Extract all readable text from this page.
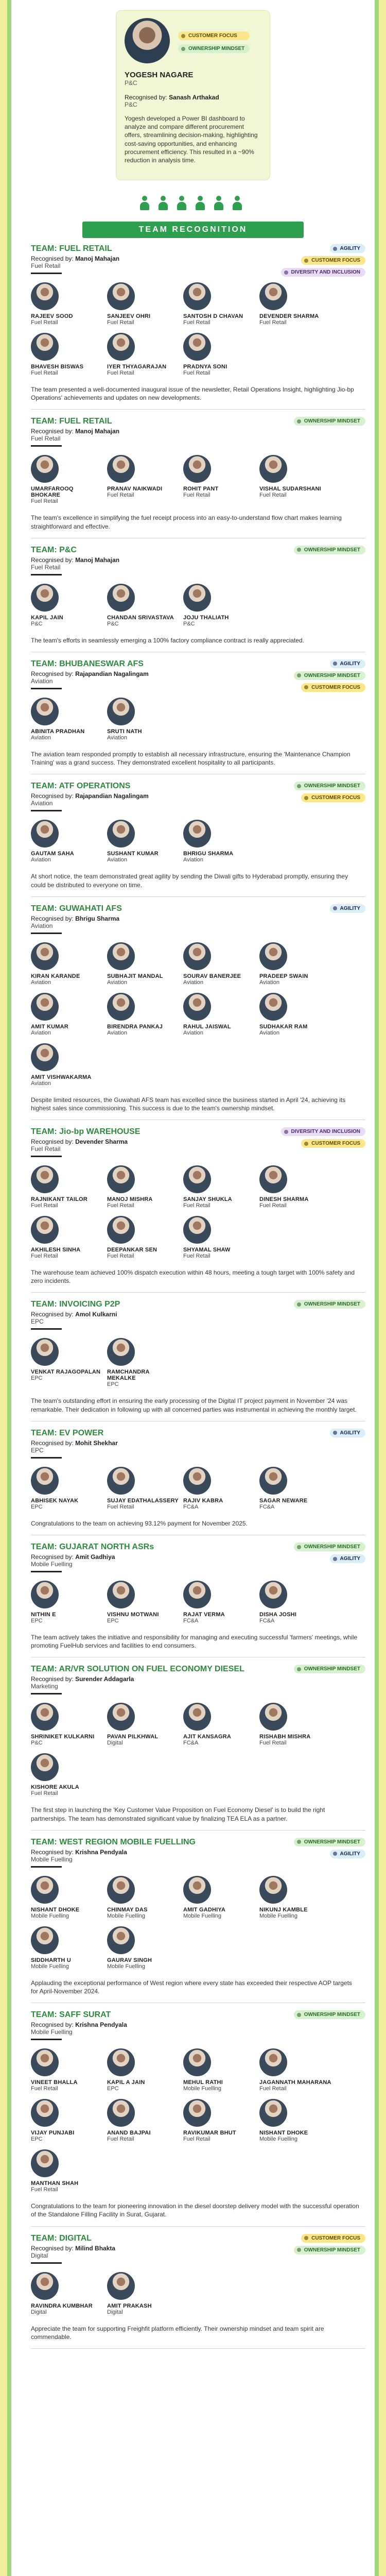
CUSTOMER FOCUS
OWNERSHIP MINDSET
YOGESH NAGARE
P&C
Recognised by: Sanash Arthakad
P&C
Yogesh developed a Power BI dashboard to analyze and compare different procurement offers, streamlining decision-making, highlighting cost-saving opportunities, and enhancing procurement efficiency. This resulted in a ~90% reduction in analysis time.
TEAM RECOGNITION
TEAM: FUEL RETAIL
Recognised by: Manoj Mahajan
Fuel Retail
AGILITY
CUSTOMER FOCUS
DIVERSITY AND INCLUSION
RAJEEV SOOD
Fuel Retail
SANJEEV OHRI
Fuel Retail
SANTOSH D CHAVAN
Fuel Retail
DEVENDER SHARMA
Fuel Retail
BHAVESH BISWAS
Fuel Retail
IYER THYAGARAJAN
Fuel Retail
PRADNYA SONI
Fuel Retail
The team presented a well-documented inaugural issue of the newsletter, Retail Operations Insight, highlighting Jio-bp Operations' achievements and updates on new developments.
TEAM: FUEL RETAIL
Recognised by: Manoj Mahajan
Fuel Retail
OWNERSHIP MINDSET
UMARFAROOQ BHOKARE
Fuel Retail
PRANAV NAIKWADI
Fuel Retail
ROHIT PANT
Fuel Retail
VISHAL SUDARSHANI
Fuel Retail
The team's excellence in simplifying the fuel receipt process into an easy-to-understand flow chart makes learning straightforward and effective.
TEAM: P&C
Recognised by: Manoj Mahajan
Fuel Retail
OWNERSHIP MINDSET
KAPIL JAIN
P&C
CHANDAN SRIVASTAVA
P&C
JOJU THALIATH
P&C
The team's efforts in seamlessly emerging a 100% factory compliance contract is really appreciated.
TEAM: BHUBANESWAR AFS
Recognised by: Rajapandian Nagalingam
Aviation
AGILITY
OWNERSHIP MINDSET
CUSTOMER FOCUS
ABINITA PRADHAN
Aviation
SRUTI NATH
Aviation
The aviation team responded promptly to establish all necessary infrastructure, ensuring the 'Maintenance Champion Training' was a grand success. They demonstrated excellent hospitality to all participants.
TEAM: ATF OPERATIONS
Recognised by: Rajapandian Nagalingam
Aviation
OWNERSHIP MINDSET
CUSTOMER FOCUS
GAUTAM SAHA
Aviation
SUSHANT KUMAR
Aviation
BHRIGU SHARMA
Aviation
At short notice, the team demonstrated great agility by sending the Diwali gifts to Hyderabad promptly, ensuring they could be distributed to everyone on time.
TEAM: GUWAHATI AFS
Recognised by: Bhrigu Sharma
Aviation
AGILITY
KIRAN KARANDE
Aviation
SUBHAJIT MANDAL
Aviation
SOURAV BANERJEE
Aviation
PRADEEP SWAIN
Aviation
AMIT KUMAR
Aviation
BIRENDRA PANKAJ
Aviation
RAHUL JAISWAL
Aviation
SUDHAKAR RAM
Aviation
AMIT VISHWAKARMA
Aviation
Despite limited resources, the Guwahati AFS team has excelled since the business started in April '24, achieving its highest sales since commissioning. This success is due to the team's ownership mindset.
TEAM: Jio-bp WAREHOUSE
Recognised by: Devender Sharma
Fuel Retail
DIVERSITY AND INCLUSION
CUSTOMER FOCUS
RAJNIKANT TAILOR
Fuel Retail
MANOJ MISHRA
Fuel Retail
SANJAY SHUKLA
Fuel Retail
DINESH SHARMA
Fuel Retail
AKHILESH SINHA
Fuel Retail
DEEPANKAR SEN
Fuel Retail
SHYAMAL SHAW
Fuel Retail
The warehouse team achieved 100% dispatch execution within 48 hours, meeting a tough target with 100% safety and zero incidents.
TEAM: INVOICING P2P
Recognised by: Amol Kulkarni
EPC
OWNERSHIP MINDSET
VENKAT RAJAGOPALAN
EPC
RAMCHANDRA MEKALKE
EPC
The team's outstanding effort in ensuring the early processing of the Digital IT project payment in November '24 was remarkable. Their dedication in following up with all concerned parties was instrumental in achieving the monthly target.
TEAM: EV POWER
Recognised by: Mohit Shekhar
EPC
AGILITY
ABHISEK NAYAK
EPC
SUJAY EDATHALASSERY
Fuel Retail
RAJIV KABRA
FC&A
SAGAR NEWARE
FC&A
Congratulations to the team on achieving 93.12% payment for November 2025.
TEAM: GUJARAT NORTH ASRs
Recognised by: Amit Gadhiya
Mobile Fuelling
OWNERSHIP MINDSET
AGILITY
NITHIN E
EPC
VISHNU MOTWANI
EPC
RAJAT VERMA
FC&A
DISHA JOSHI
FC&A
The team actively takes the initiative and responsibility for managing and executing successful 'farmers' meetings, while promoting FuelHub services and facilities to end consumers.
TEAM: AR/VR SOLUTION ON FUEL ECONOMY DIESEL
Recognised by: Surender Addagarla
Marketing
OWNERSHIP MINDSET
SHRINIKET KULKARNI
P&C
PAVAN PILKHWAL
Digital
AJIT KANSAGRA
FC&A
RISHABH MISHRA
Fuel Retail
KISHORE AKULA
Fuel Retail
The first step in launching the 'Key Customer Value Proposition on Fuel Economy Diesel' is to build the right partnerships. The team has demonstrated significant value by finalizing TEA ELA as a partner.
TEAM: WEST REGION MOBILE FUELLING
Recognised by: Krishna Pendyala
Mobile Fuelling
OWNERSHIP MINDSET
AGILITY
NISHANT DHOKE
Mobile Fuelling
CHINMAY DAS
Mobile Fuelling
AMIT GADHIYA
Mobile Fuelling
NIKUNJ KAMBLE
Mobile Fuelling
SIDDHARTH U
Mobile Fuelling
GAURAV SINGH
Mobile Fuelling
Applauding the exceptional performance of West region where every state has exceeded their respective AOP targets for April-November 2024.
TEAM: SAFF SURAT
Recognised by: Krishna Pendyala
Mobile Fuelling
OWNERSHIP MINDSET
VINEET BHALLA
Fuel Retail
KAPIL A JAIN
EPC
MEHUL RATHI
Mobile Fuelling
JAGANNATH MAHARANA
Fuel Retail
VIJAY PUNJABI
EPC
ANAND BAJPAI
Fuel Retail
RAVIKUMAR BHUT
Fuel Retail
NISHANT DHOKE
Mobile Fuelling
MANTHAN SHAH
Fuel Retail
Congratulations to the team for pioneering innovation in the diesel doorstep delivery model with the successful operation of the Standalone Filling Facility in Surat, Gujarat.
TEAM: DIGITAL
Recognised by: Milind Bhakta
Digital
CUSTOMER FOCUS
OWNERSHIP MINDSET
RAVINDRA KUMBHAR
Digital
AMIT PRAKASH
Digital
Appreciate the team for supporting Freighfit platform efficiently. Their ownership mindset and team spirit are commendable.
